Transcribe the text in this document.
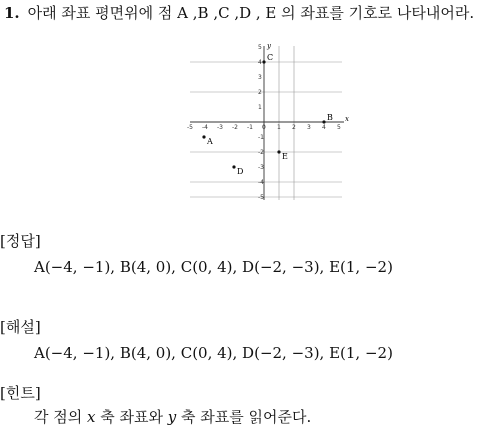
1. 아래 좌표 평면위에 점 A ,B ,C ,D , E 의 좌표를 기호로 나타내어라.
x
y
-5 -4 -3 -2 -1 0 1 2 3 4 5
5
4
3
2
1
-1
-2
-3
-4
-5
A
B
C
D
E
[정답]
A(−4, −1), B(4, 0), C(0, 4), D(−2, −3), E(1, −2)
[해설]
A(−4, −1), B(4, 0), C(0, 4), D(−2, −3), E(1, −2)
[힌트]
각 점의 x 축 좌표와 y 축 좌표를 읽어준다.
